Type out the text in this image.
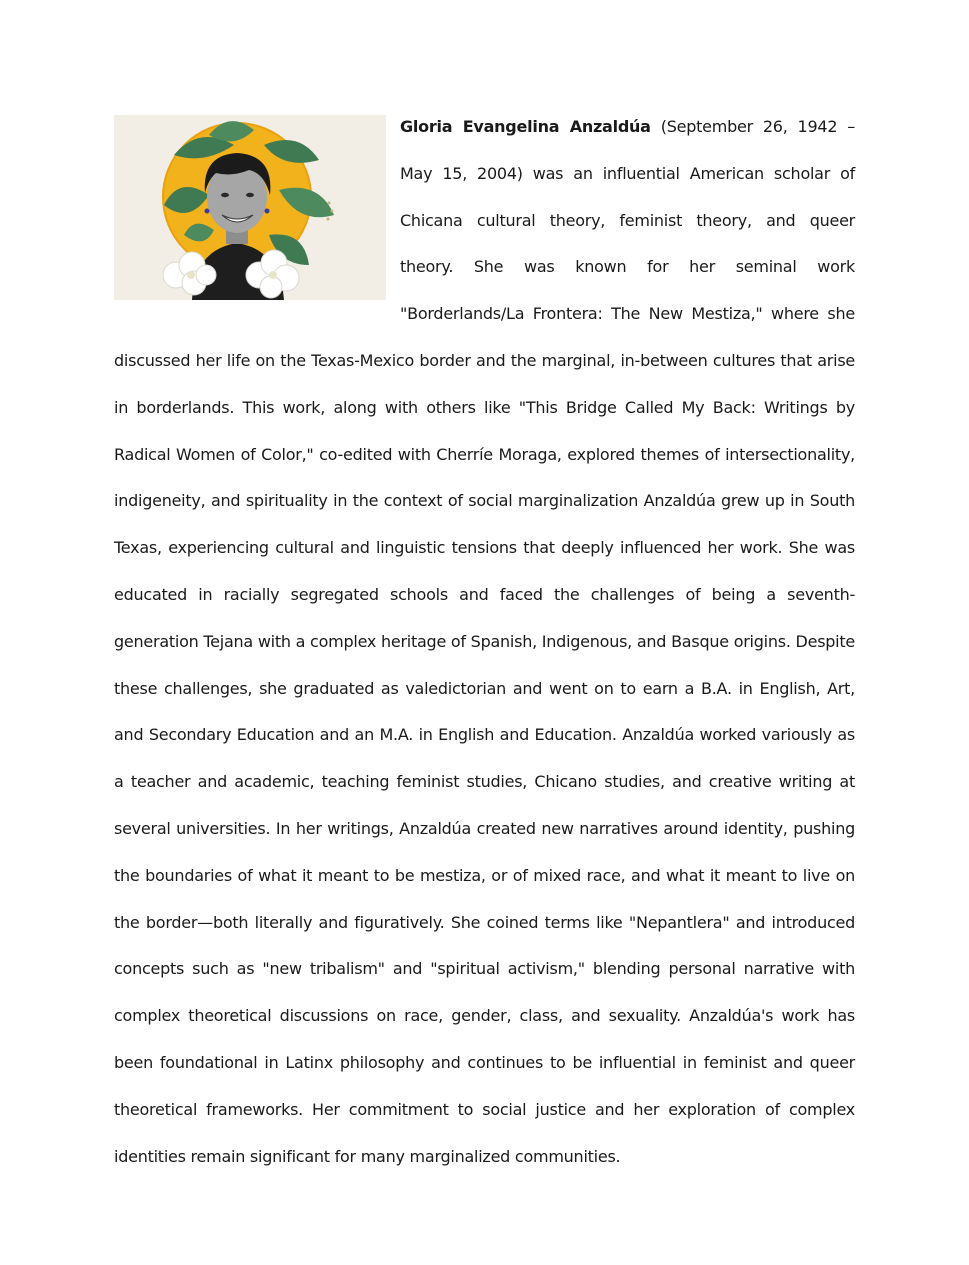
Gloria Evangelina Anzaldúa (September 26, 1942 – May 15, 2004) was an influential American scholar of Chicana cultural theory, feminist theory, and queer theory. She was known for her seminal work "Borderlands/La Frontera: The New Mestiza," where she discussed her life on the Texas-Mexico border and the marginal, in-between cultures that arise in borderlands. This work, along with others like "This Bridge Called My Back: Writings by Radical Women of Color," co-edited with Cherríe Moraga, explored themes of intersectionality, indigeneity, and spirituality in the context of social marginalization Anzaldúa grew up in South Texas, experiencing cultural and linguistic tensions that deeply influenced her work. She was educated in racially segregated schools and faced the challenges of being a seventh-generation Tejana with a complex heritage of Spanish, Indigenous, and Basque origins. Despite these challenges, she graduated as valedictorian and went on to earn a B.A. in English, Art, and Secondary Education and an M.A. in English and Education. Anzaldúa worked variously as a teacher and academic, teaching feminist studies, Chicano studies, and creative writing at several universities. In her writings, Anzaldúa created new narratives around identity, pushing the boundaries of what it meant to be mestiza, or of mixed race, and what it meant to live on the border—both literally and figuratively. She coined terms like "Nepantlera" and introduced concepts such as "new tribalism" and "spiritual activism," blending personal narrative with complex theoretical discussions on race, gender, class, and sexuality. Anzaldúa's work has been foundational in Latinx philosophy and continues to be influential in feminist and queer theoretical frameworks. Her commitment to social justice and her exploration of complex identities remain significant for many marginalized communities.
